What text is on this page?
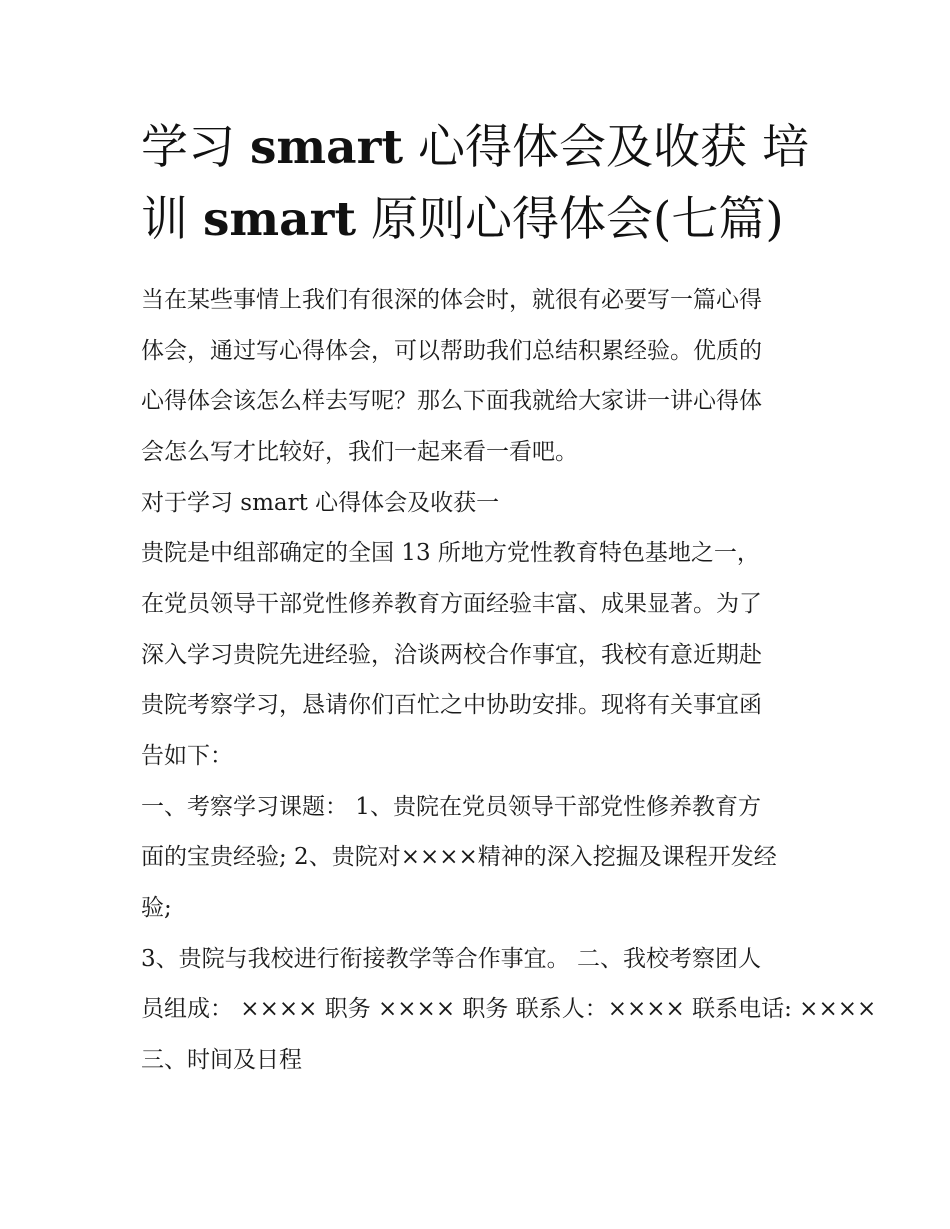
学习 smart 心得体会及收获 培
训 smart 原则心得体会(七篇)
当在某些事情上我们有很深的体会时，就很有必要写一篇心得
体会，通过写心得体会，可以帮助我们总结积累经验。优质的
心得体会该怎么样去写呢？那么下面我就给大家讲一讲心得体
会怎么写才比较好，我们一起来看一看吧。
对于学习 smart 心得体会及收获一
贵院是中组部确定的全国 13 所地方党性教育特色基地之一，
在党员领导干部党性修养教育方面经验丰富、成果显著。为了
深入学习贵院先进经验，洽谈两校合作事宜，我校有意近期赴
贵院考察学习，恳请你们百忙之中协助安排。现将有关事宜函
告如下：
一、考察学习课题： 1、贵院在党员领导干部党性修养教育方
面的宝贵经验; 2、贵院对××××精神的深入挖掘及课程开发经
验;
3、贵院与我校进行衔接教学等合作事宜。 二、我校考察团人
员组成： ×××× 职务 ×××× 职务 联系人：×××× 联系电话: ××××
三、时间及日程
